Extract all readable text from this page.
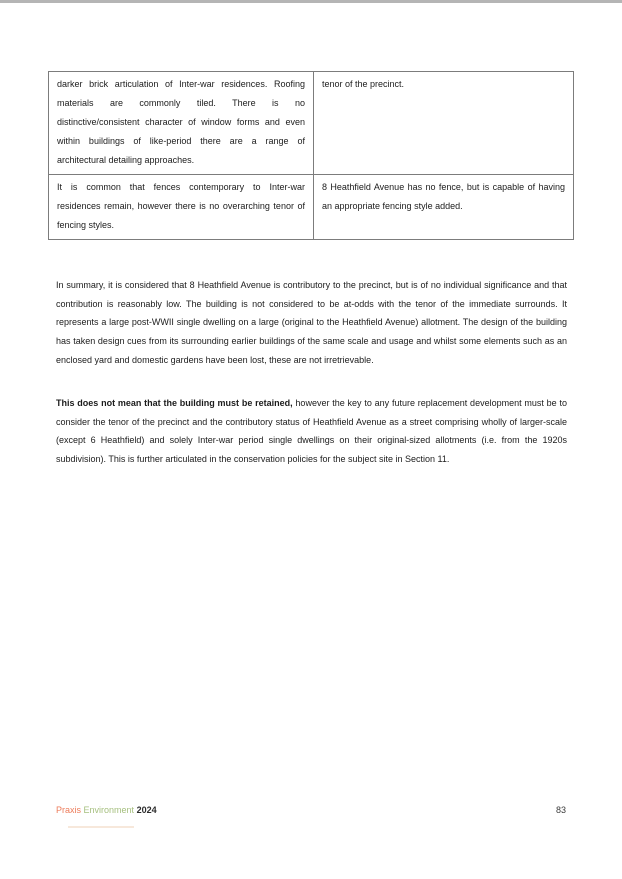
darker brick articulation of Inter-war residences. Roofing materials are commonly tiled. There is no distinctive/consistent character of window forms and even within buildings of like-period there are a range of architectural detailing approaches.	tenor of the precinct.
It is common that fences contemporary to Inter-war residences remain, however there is no overarching tenor of fencing styles.	8 Heathfield Avenue has no fence, but is capable of having an appropriate fencing style added.

In summary, it is considered that 8 Heathfield Avenue is contributory to the precinct, but is of no individual significance and that contribution is reasonably low. The building is not considered to be at-odds with the tenor of the immediate surrounds. It represents a large post-WWII single dwelling on a large (original to the Heathfield Avenue) allotment. The design of the building has taken design cues from its surrounding earlier buildings of the same scale and usage and whilst some elements such as an enclosed yard and domestic gardens have been lost, these are not irretrievable.

This does not mean that the building must be retained, however the key to any future replacement development must be to consider the tenor of the precinct and the contributory status of Heathfield Avenue as a street comprising wholly of larger-scale (except 6 Heathfield) and solely Inter-war period single dwellings on their original-sized allotments (i.e. from the 1920s subdivision). This is further articulated in the conservation policies for the subject site in Section 11.

Praxis Environment 2024	83
